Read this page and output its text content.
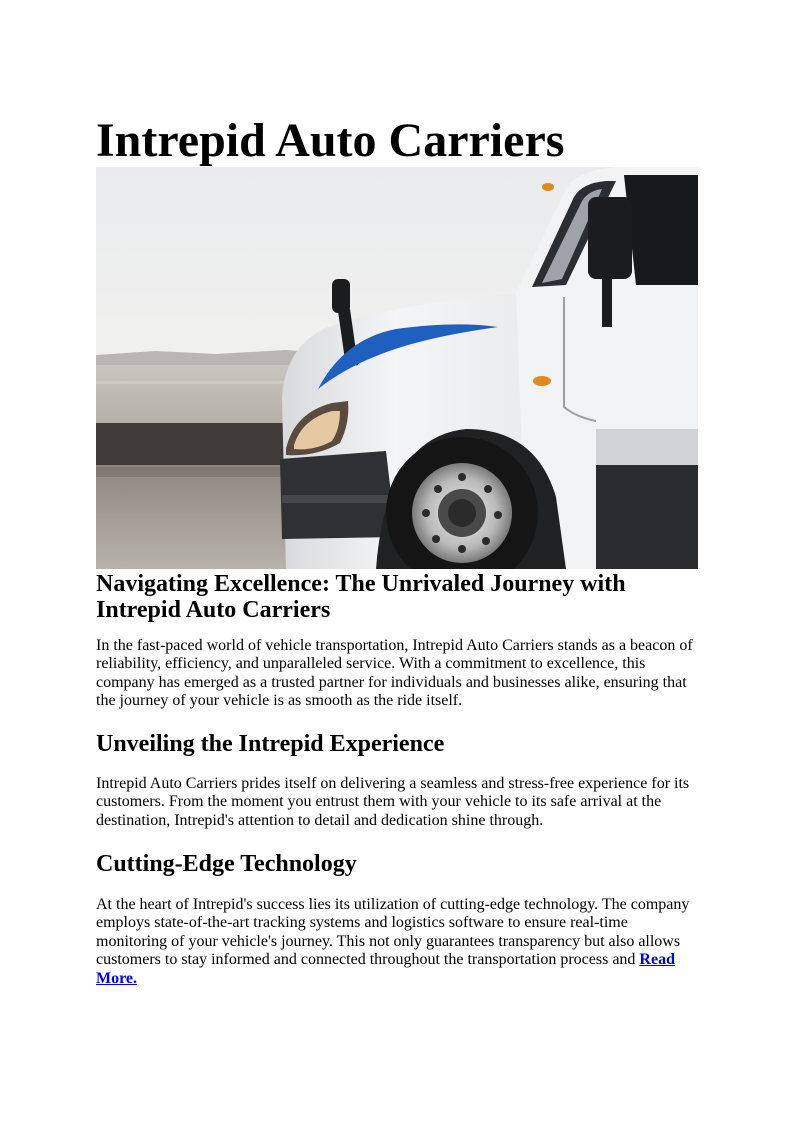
Intrepid Auto Carriers
Navigating Excellence: The Unrivaled Journey with
Intrepid Auto Carriers

In the fast-paced world of vehicle transportation, Intrepid Auto Carriers stands as a beacon of reliability, efficiency, and unparalleled service. With a commitment to excellence, this company has emerged as a trusted partner for individuals and businesses alike, ensuring that the journey of your vehicle is as smooth as the ride itself.

Unveiling the Intrepid Experience

Intrepid Auto Carriers prides itself on delivering a seamless and stress-free experience for its customers. From the moment you entrust them with your vehicle to its safe arrival at the destination, Intrepid's attention to detail and dedication shine through.

Cutting-Edge Technology

At the heart of Intrepid's success lies its utilization of cutting-edge technology. The company employs state-of-the-art tracking systems and logistics software to ensure real-time monitoring of your vehicle's journey. This not only guarantees transparency but also allows customers to stay informed and connected throughout the transportation process and Read More.
